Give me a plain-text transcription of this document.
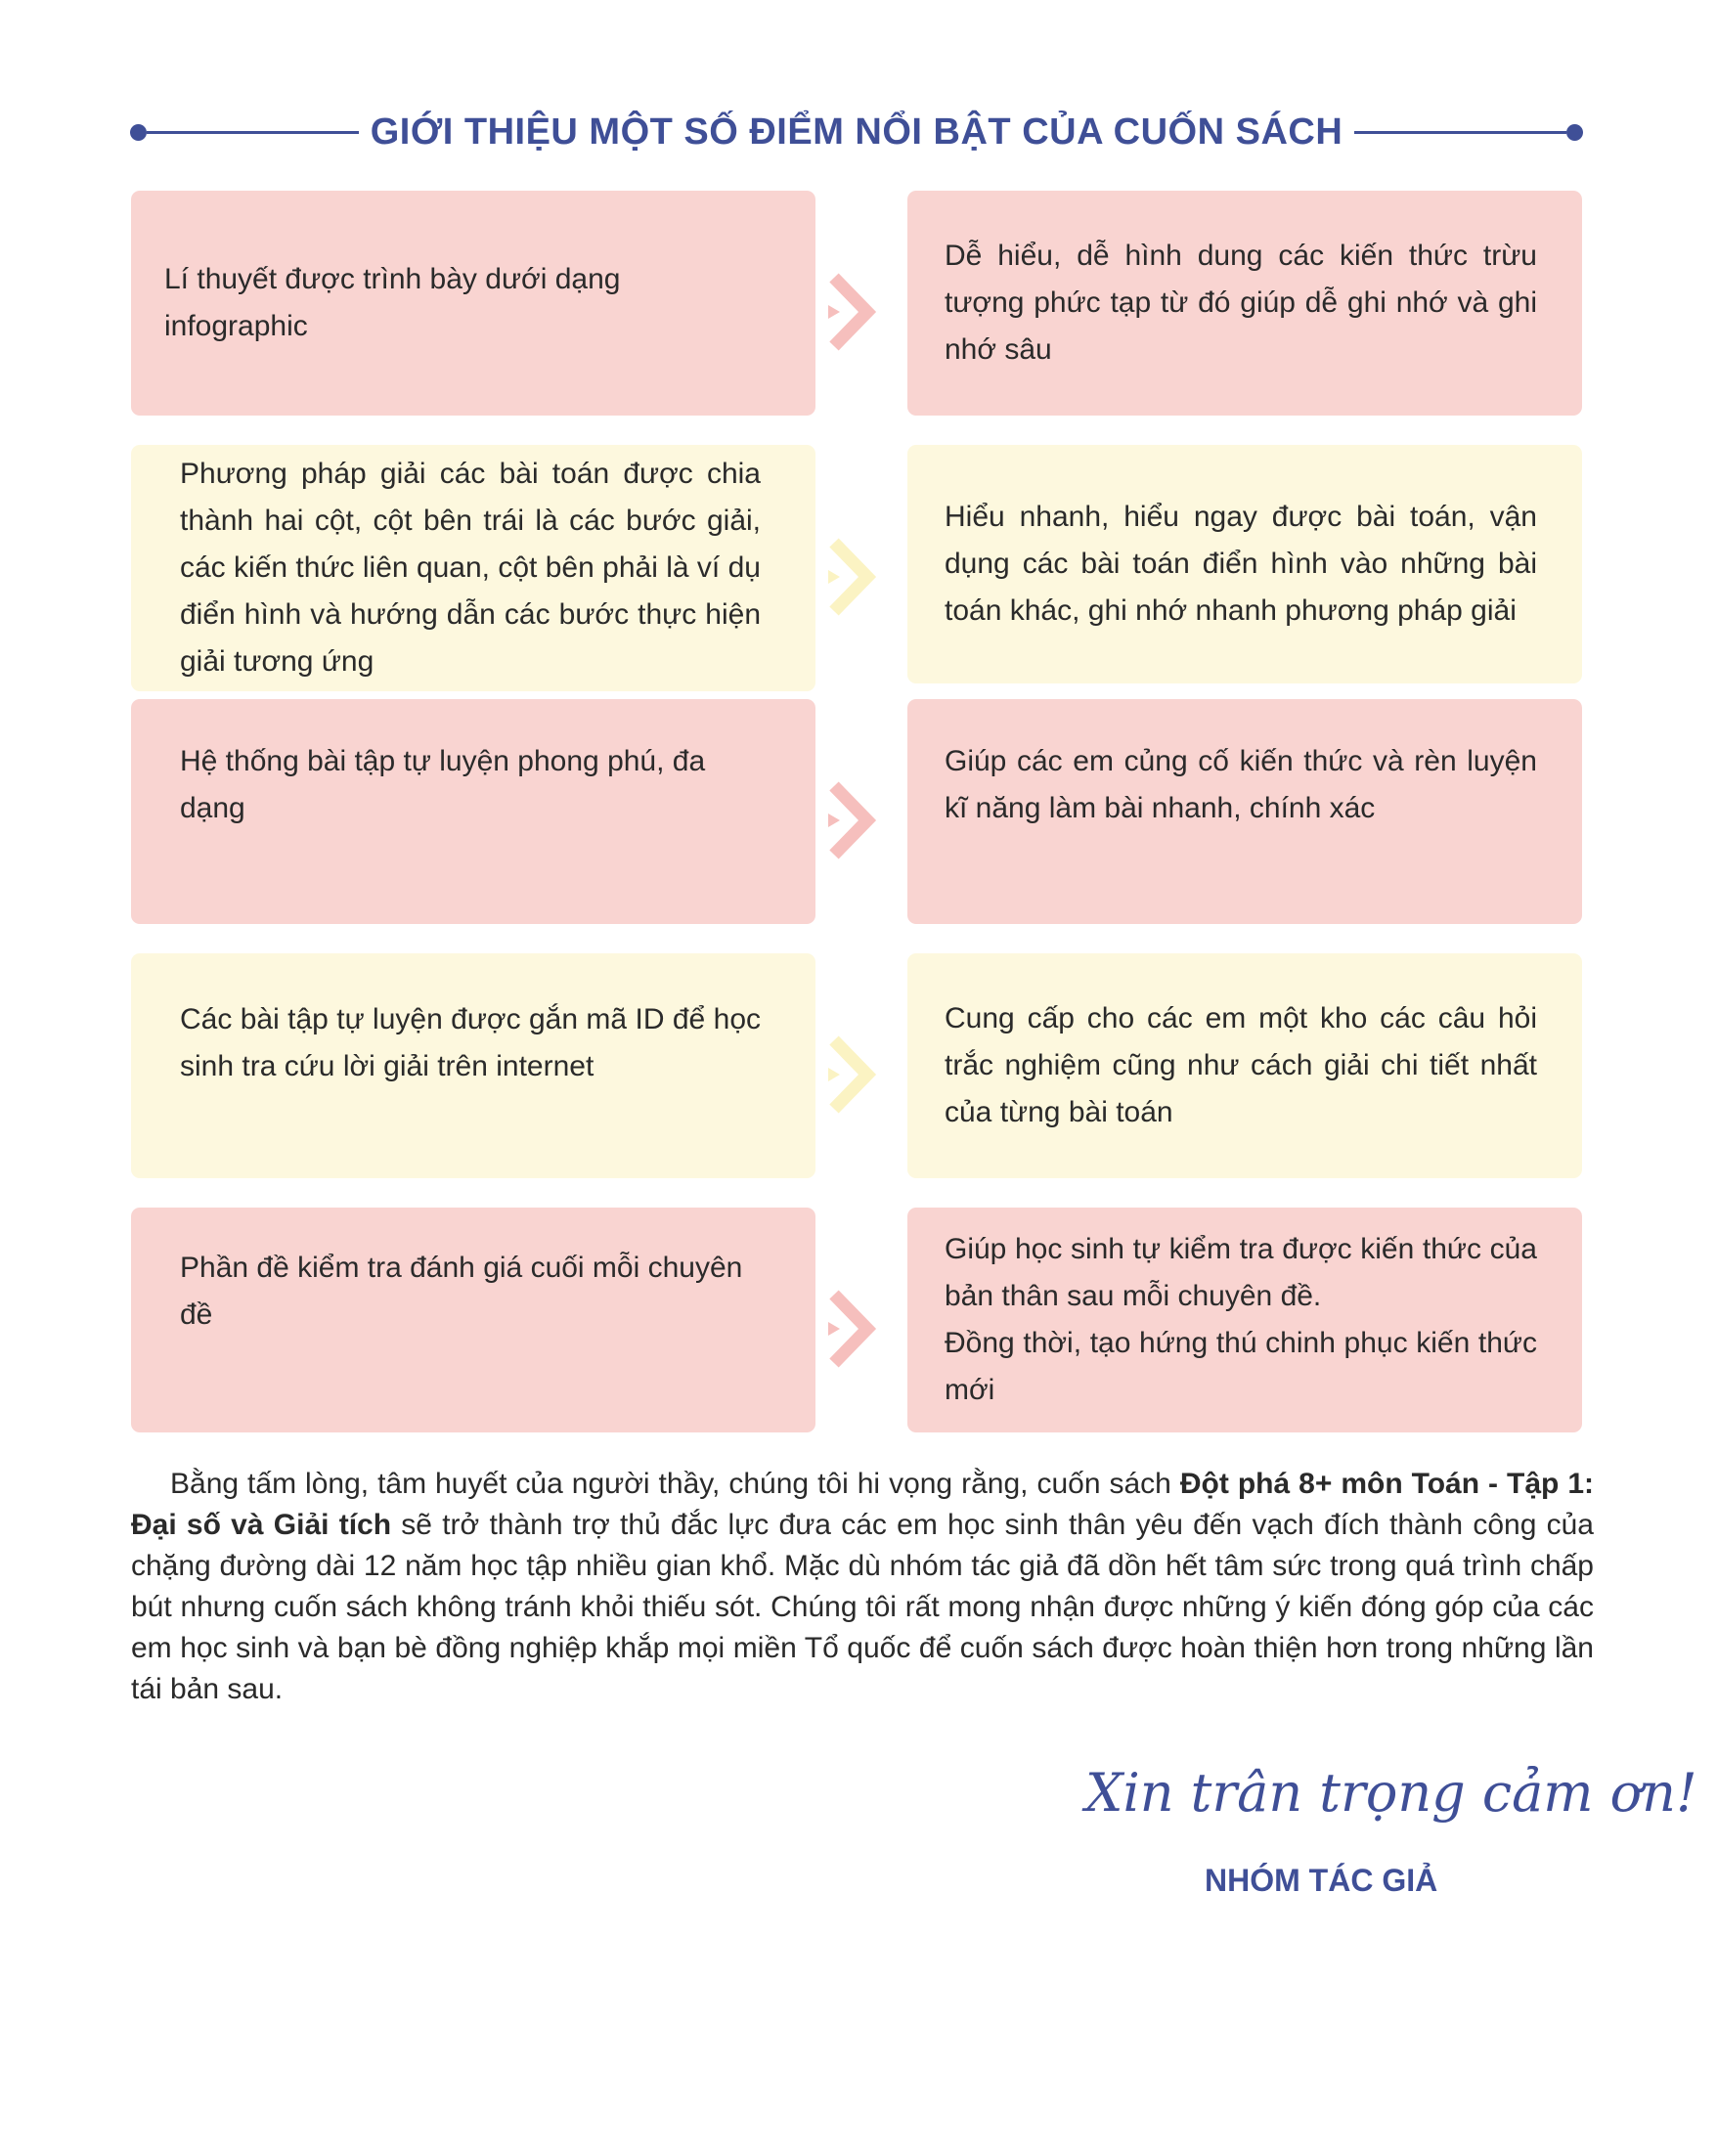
GIỚI THIỆU MỘT SỐ ĐIỂM NỔI BẬT CỦA CUỐN SÁCH
Lí thuyết được trình bày dưới dạng infographic
Dễ hiểu, dễ hình dung các kiến thức trừu tượng phức tạp từ đó giúp dễ ghi nhớ và ghi nhớ sâu
Phương pháp giải các bài toán được chia thành hai cột, cột bên trái là các bước giải, các kiến thức liên quan, cột bên phải là ví dụ điển hình và hướng dẫn các bước thực hiện giải tương ứng
Hiểu nhanh, hiểu ngay được bài toán, vận dụng các bài toán điển hình vào những bài toán khác, ghi nhớ nhanh phương pháp giải
Hệ thống bài tập tự luyện phong phú, đa dạng
Giúp các em củng cố kiến thức và rèn luyện kĩ năng làm bài nhanh, chính xác
Các bài tập tự luyện được gắn mã ID để học sinh tra cứu lời giải trên internet
Cung cấp cho các em một kho các câu hỏi trắc nghiệm cũng như cách giải chi tiết nhất của từng bài toán
Phần đề kiểm tra đánh giá cuối mỗi chuyên đề
Giúp học sinh tự kiểm tra được kiến thức của bản thân sau mỗi chuyên đề.
Đồng thời, tạo hứng thú chinh phục kiến thức mới
Bằng tấm lòng, tâm huyết của người thầy, chúng tôi hi vọng rằng, cuốn sách Đột phá 8+ môn Toán - Tập 1: Đại số và Giải tích sẽ trở thành trợ thủ đắc lực đưa các em học sinh thân yêu đến vạch đích thành công của chặng đường dài 12 năm học tập nhiều gian khổ. Mặc dù nhóm tác giả đã dồn hết tâm sức trong quá trình chấp bút nhưng cuốn sách không tránh khỏi thiếu sót. Chúng tôi rất mong nhận được những ý kiến đóng góp của các em học sinh và bạn bè đồng nghiệp khắp mọi miền Tổ quốc để cuốn sách được hoàn thiện hơn trong những lần tái bản sau.
Xin trân trọng cảm ơn!
NHÓM TÁC GIẢ
